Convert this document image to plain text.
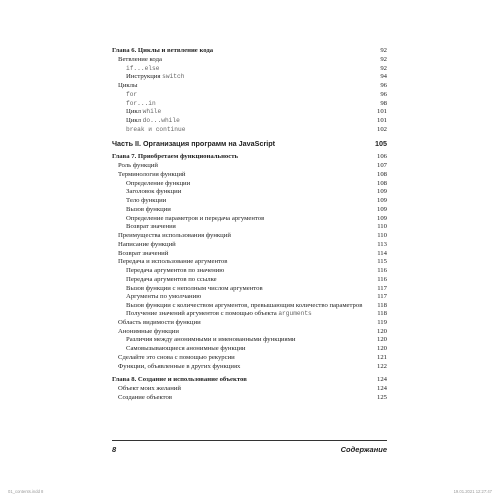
Глава 6. Циклы и ветвление кода	92
Ветвление кода	92
if...else	92
Инструкция switch	94
Циклы	96
for	96
for...in	98
Цикл while	101
Цикл do...while	101
break и continue	102
Часть II. Организация программ на JavaScript	105
Глава 7. Приобретаем функциональность	106
Роль функций	107
Терминология функций	108
Определение функции	108
Заголовок функции	109
Тело функции	109
Вызов функции	109
Определение параметров и передача аргументов	109
Возврат значения	110
Преимущества использования функций	110
Написание функций	113
Возврат значений	114
Передача и использование аргументов	115
Передача аргументов по значению	116
Передача аргументов по ссылке	116
Вызов функции с неполным числом аргументов	117
Аргументы по умолчанию	117
Вызов функции с количеством аргументов, превышающим количество параметров	118
Получение значений аргументов с помощью объекта arguments	118
Область видимости функции	119
Анонимные функции	120
Различия между анонимными и именованными функциями	120
Самовызывающиеся анонимные функции	120
Сделайте это снова с помощью рекурсии	121
Функции, объявленные в других функциях	122
Глава 8. Создание и использование объектов	124
Объект моих желаний	124
Создание объектов	125
8	Содержание
01_contents.indd 8	19.01.2021 12:27:47
